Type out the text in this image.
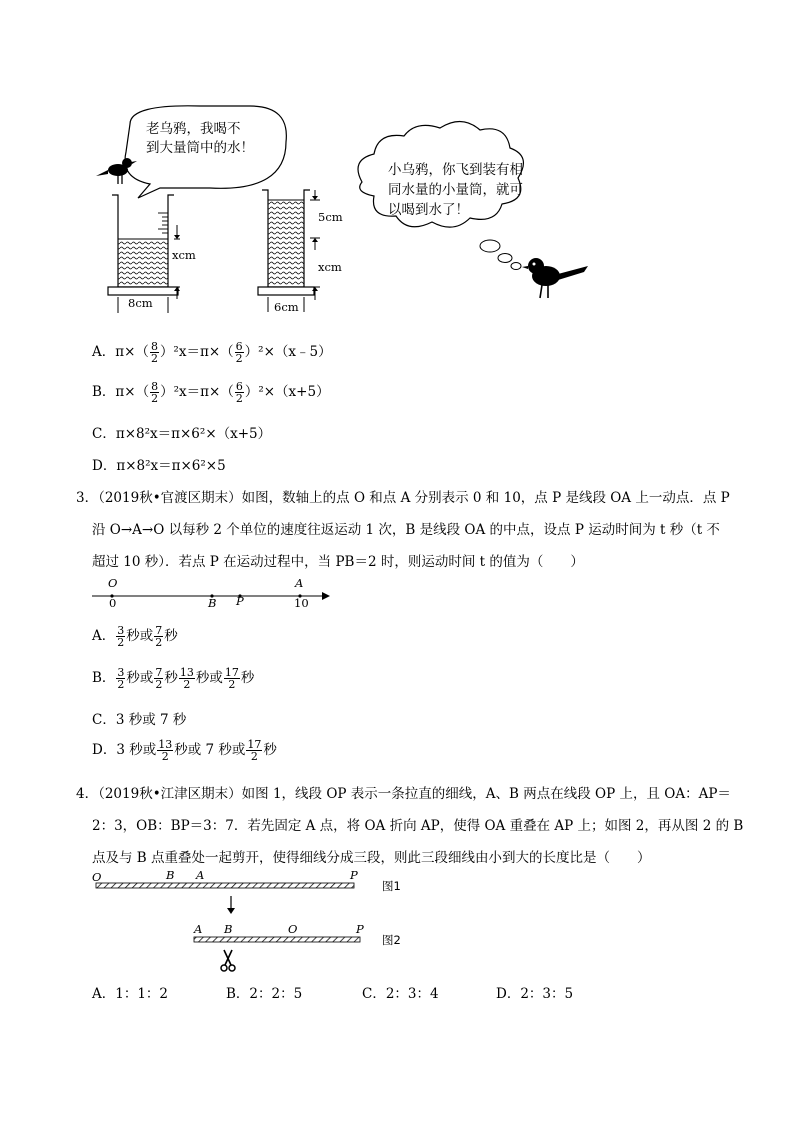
老乌鸦，我喝不
到大量筒中的水！
小乌鸦，你飞到装有相
同水量的小量筒，就可
以喝到水了！
xcm
8cm
5cm
xcm
6cm
A．$\pi\times( \frac{8}{2} )^2x=\pi\times( \frac{6}{2}$ ）²×（x﹣5）
B．$\pi\times( \frac{8}{2} )^2x=\pi\times( \frac{6}{2} )^2\times(x+5)$
C．π×8²x＝π×6²×（x+5）
D．π×8²x＝π×6²×5
3．（2019秋•官渡区期末）如图，数轴上的点 O 和点 A 分别表示 0 和 10，点 P 是线段 OA 上一动点．点 P
沿 O→A→O 以每秒 2 个单位的速度往返运动 1 次，B 是线段 OA 的中点，设点 P 运动时间为 t 秒（t 不
超过 10 秒）．若点 P 在运动过程中，当 PB＝2 时，则运动时间 t 的值为（　　）
O	A
0	10
B P
A． $\frac{3}{2}$ 秒或 $\frac{7}{2}$ 秒
B． $\frac{3}{2}$ 秒或 $\frac{7}{2}$ 秒 $\frac{13}{2}$ 秒或 $\frac{17}{2}$ 秒
C．3 秒或 7 秒
D．3 秒或 $\frac{13}{2}$ 秒或 7 秒或 $\frac{17}{2}$ 秒
4．（2019秋•江津区期末）如图 1，线段 OP 表示一条拉直的细线，A、B 两点在线段 OP 上，且 OA：AP＝
2：3，OB：BP＝3：7．若先固定 A 点，将 OA 折向 AP，使得 OA 重叠在 AP 上；如图 2，再从图 2 的 B
点及与 B 点重叠处一起剪开，使得细线分成三段，则此三段细线由小到大的长度比是（　　）
O	B A	P
图1
A B	O	P
图2
A．1：1：2	B．2：2：5	C．2：3：4	D．2：3：5
